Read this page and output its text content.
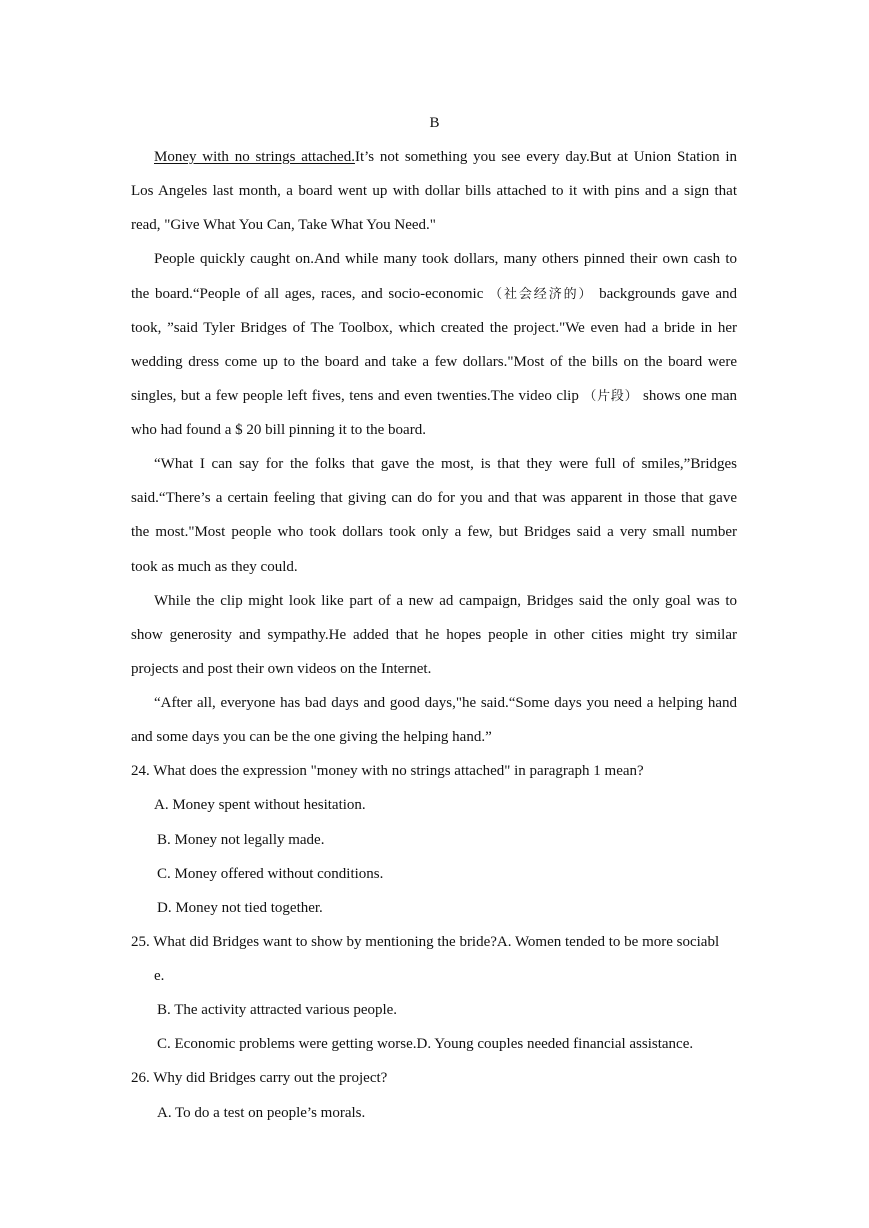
B
Money with no strings attached.It’s not something you see every day.But at Union Station in
Los Angeles last month, a board went up with dollar bills attached to it with pins and a sign that
read, "Give What You Can, Take What You Need."
People quickly caught on.And while many took dollars, many others pinned their own cash to
the board.“People of all ages, races, and socio-economic （社会经济的） backgrounds gave and
took, ”said Tyler Bridges of The Toolbox, which created the project."We even had a bride in her
wedding dress come up to the board and take a few dollars."Most of the bills on the board were
singles, but a few people left fives, tens and even twenties.The video clip （片段） shows one man
who had found a $ 20 bill pinning it to the board.
“What I can say for the folks that gave the most, is that they were full of smiles,”Bridges
said.“There’s a certain feeling that giving can do for you and that was apparent in those that gave
the most."Most people who took dollars took only a few, but Bridges said a very small number
took as much as they could.
While the clip might look like part of a new ad campaign, Bridges said the only goal was to
show generosity and sympathy.He added that he hopes people in other cities might try similar
projects and post their own videos on the Internet.
“After all, everyone has bad days and good days,"he said.“Some days you need a helping hand
and some days you can be the one giving the helping hand.”
24. What does the expression "money with no strings attached" in paragraph 1 mean?
A. Money spent without hesitation.
B. Money not legally made.
C. Money offered without conditions.
D. Money not tied together.
25. What did Bridges want to show by mentioning the bride?A. Women tended to be more sociabl
e.
B. The activity attracted various people.
C. Economic problems were getting worse.D. Young couples needed financial assistance.
26. Why did Bridges carry out the project?
A. To do a test on people’s morals.
